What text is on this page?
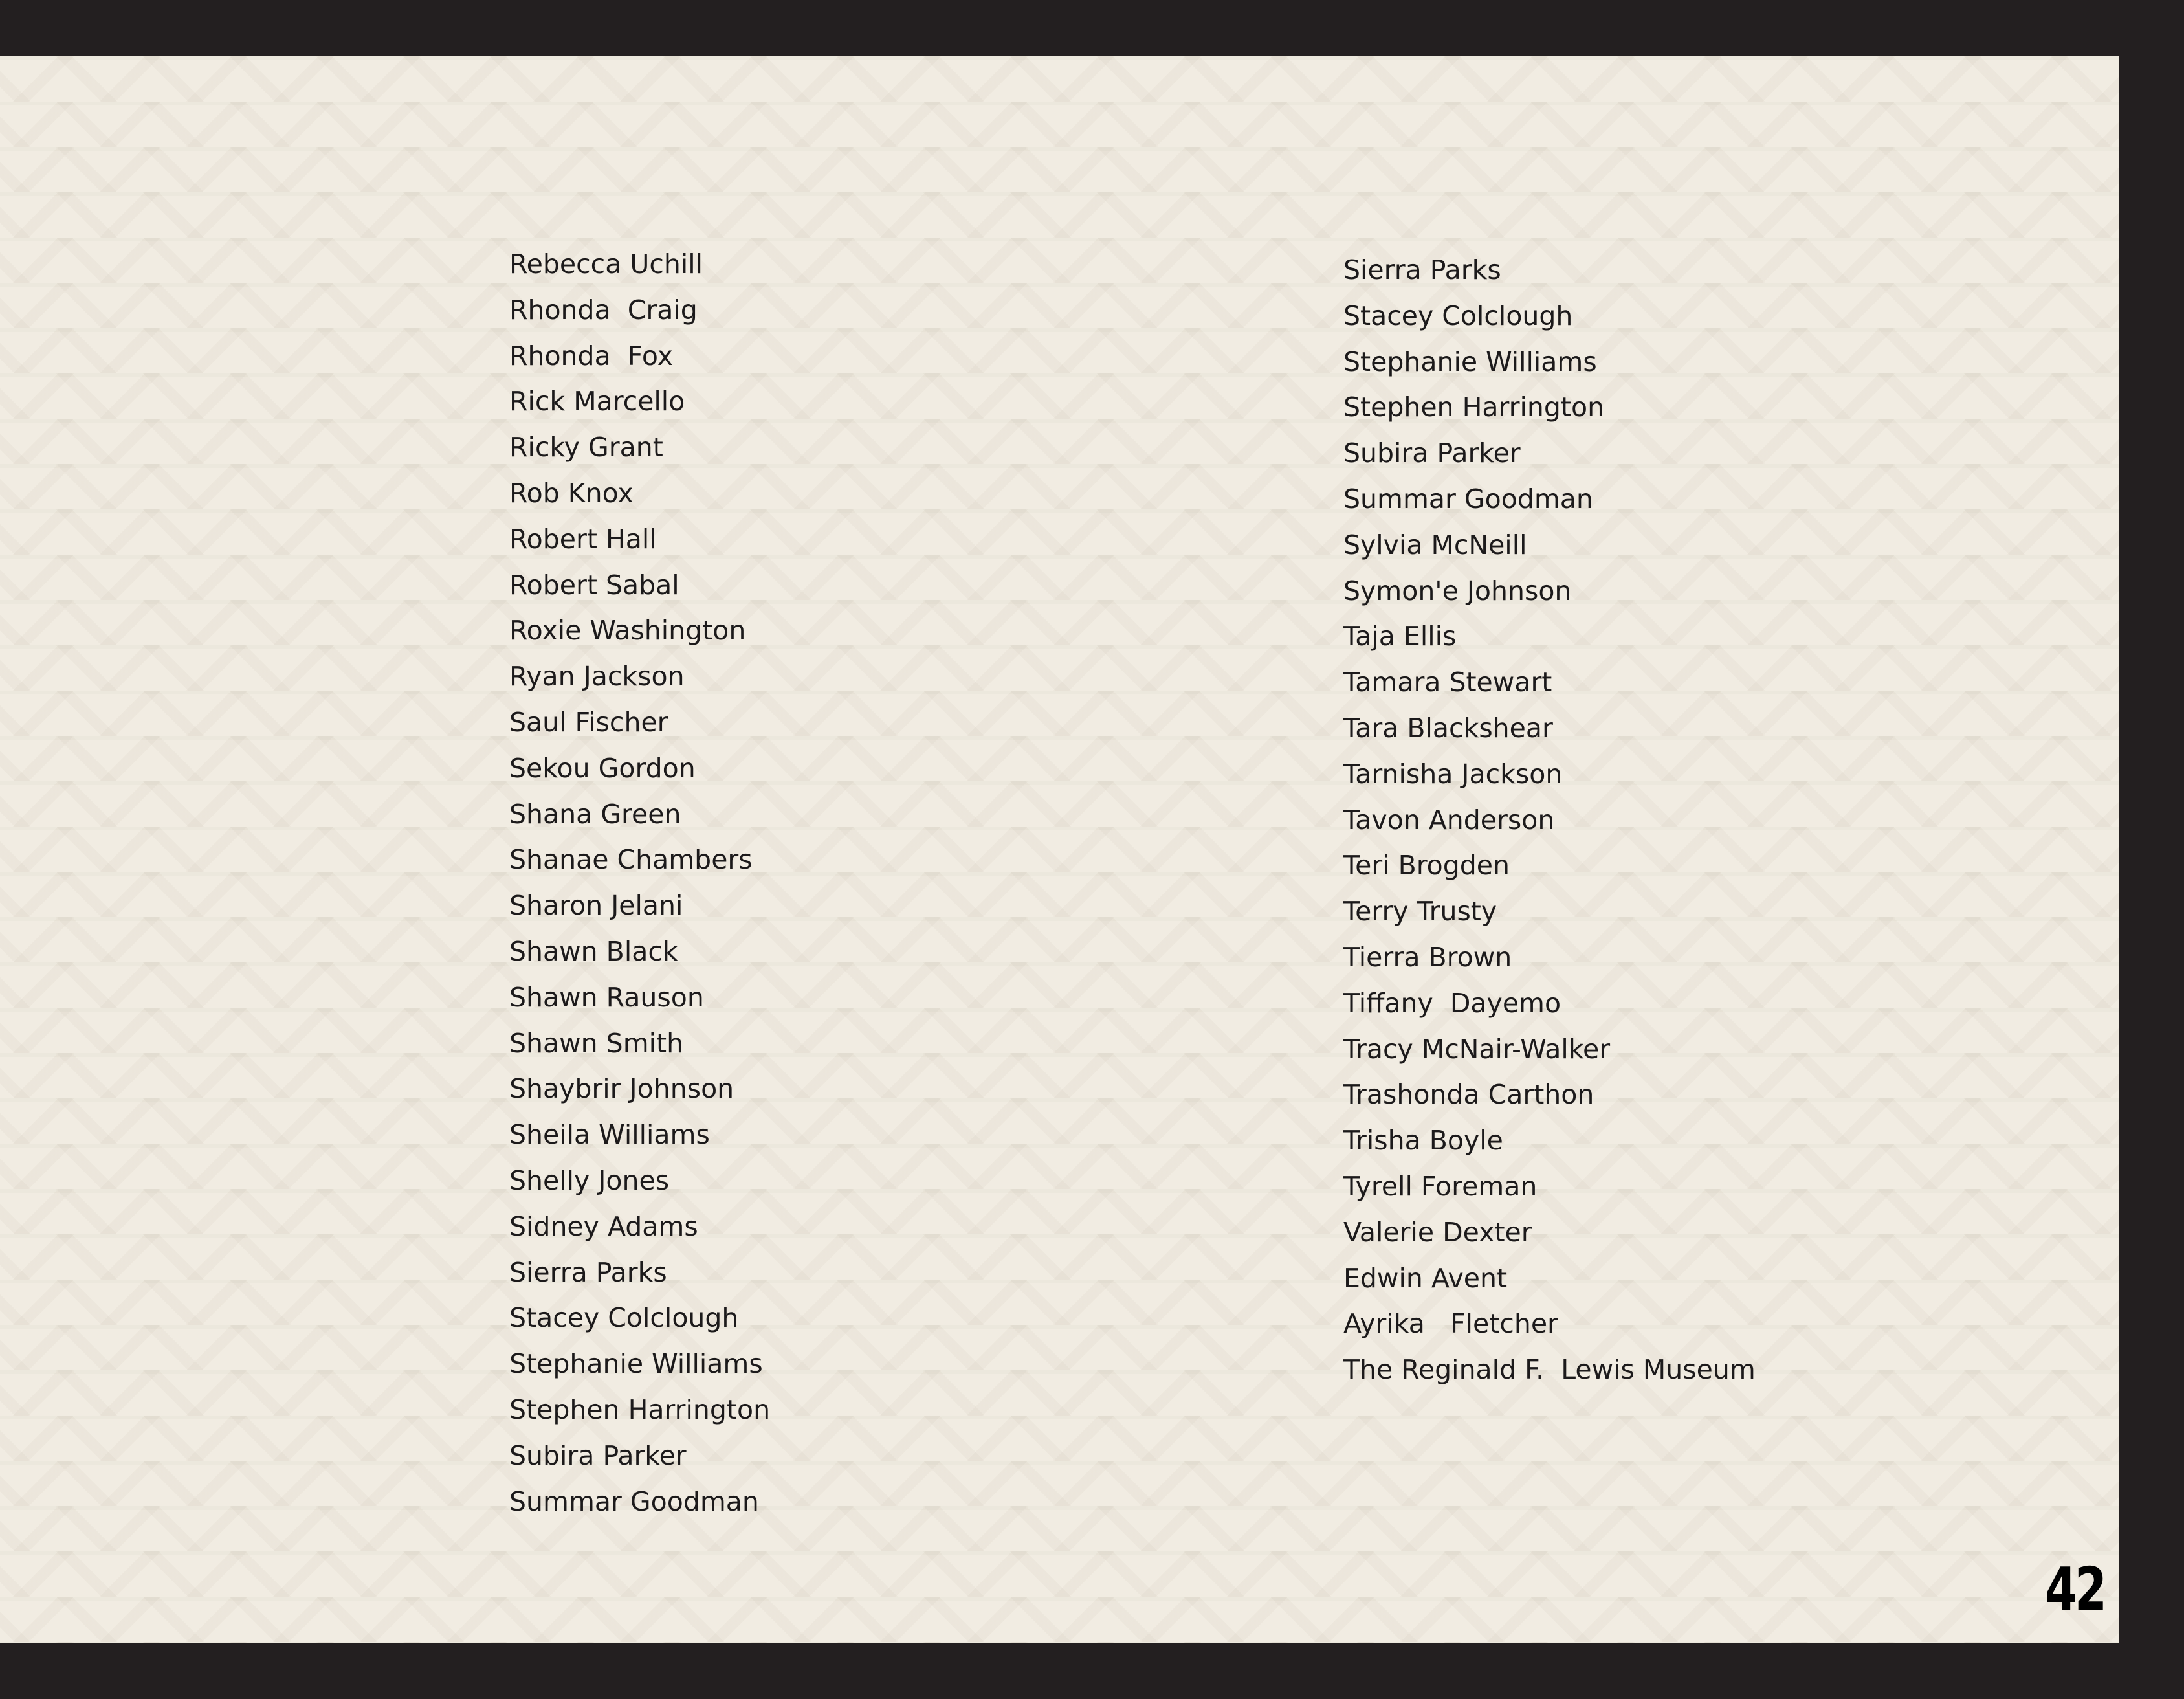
Rebecca Uchill
Rhonda  Craig
Rhonda  Fox
Rick Marcello
Ricky Grant
Rob Knox
Robert Hall
Robert Sabal
Roxie Washington
Ryan Jackson
Saul Fischer
Sekou Gordon
Shana Green
Shanae Chambers
Sharon Jelani
Shawn Black
Shawn Rauson
Shawn Smith
Shaybrir Johnson
Sheila Williams
Shelly Jones
Sidney Adams
Sierra Parks
Stacey Colclough
Stephanie Williams
Stephen Harrington
Subira Parker
Summar Goodman
Sierra Parks
Stacey Colclough
Stephanie Williams
Stephen Harrington
Subira Parker
Summar Goodman
Sylvia McNeill
Symon'e Johnson
Taja Ellis
Tamara Stewart
Tara Blackshear
Tarnisha Jackson
Tavon Anderson
Teri Brogden
Terry Trusty
Tierra Brown
Tiffany  Dayemo
Tracy McNair-Walker
Trashonda Carthon
Trisha Boyle
Tyrell Foreman
Valerie Dexter
Edwin Avent
Ayrika   Fletcher
The Reginald F.  Lewis Museum
42
